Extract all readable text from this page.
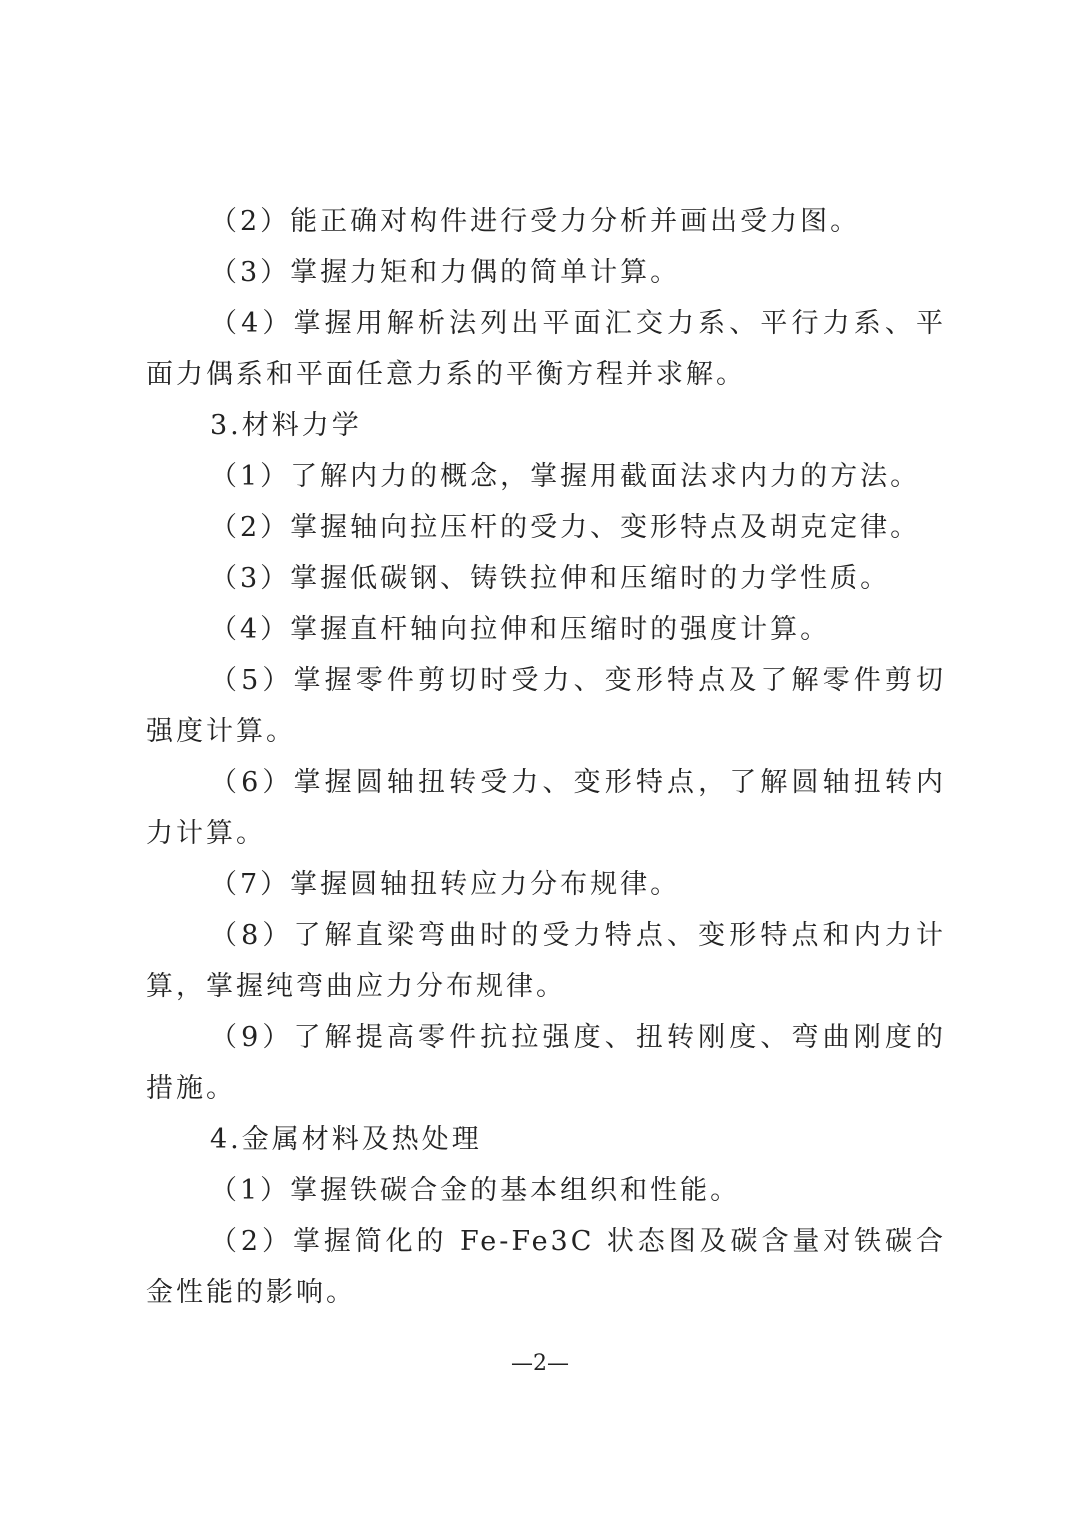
（2）能正确对构件进行受力分析并画出受力图。

（3）掌握力矩和力偶的简单计算。

（4）掌握用解析法列出平面汇交力系、平行力系、平面力偶系和平面任意力系的平衡方程并求解。

3.材料力学

（1）了解内力的概念，掌握用截面法求内力的方法。

（2）掌握轴向拉压杆的受力、变形特点及胡克定律。

（3）掌握低碳钢、铸铁拉伸和压缩时的力学性质。

（4）掌握直杆轴向拉伸和压缩时的强度计算。

（5）掌握零件剪切时受力、变形特点及了解零件剪切强度计算。

（6）掌握圆轴扭转受力、变形特点，了解圆轴扭转内力计算。

（7）掌握圆轴扭转应力分布规律。

（8）了解直梁弯曲时的受力特点、变形特点和内力计算，掌握纯弯曲应力分布规律。

（9）了解提高零件抗拉强度、扭转刚度、弯曲刚度的措施。

4.金属材料及热处理

（1）掌握铁碳合金的基本组织和性能。

（2）掌握简化的 Fe-Fe3C 状态图及碳含量对铁碳合金性能的影响。

—2—
